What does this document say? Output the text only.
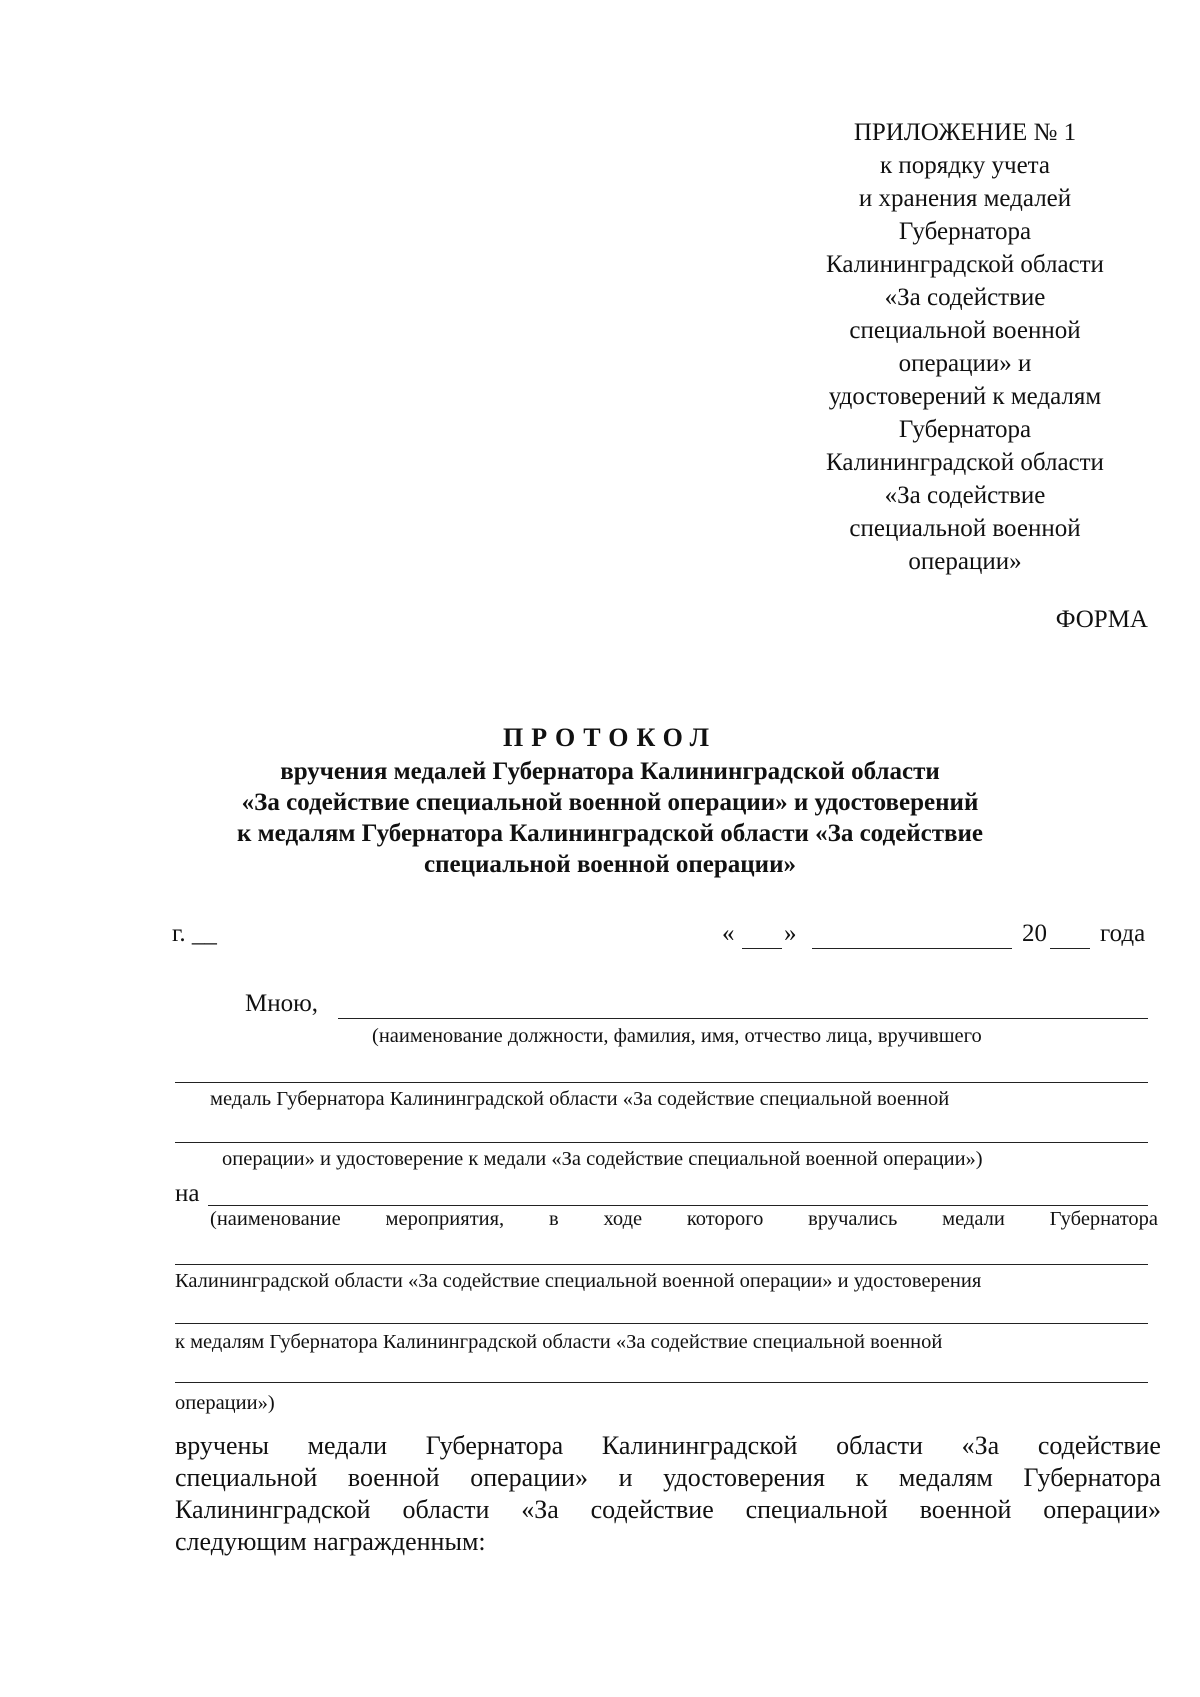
ПРИЛОЖЕНИЕ № 1
к порядку учета
и хранения медалей
Губернатора
Калининградской области
«За содействие
специальной военной
операции» и
удостоверений к медалям
Губернатора
Калининградской области
«За содействие
специальной военной
операции»
ФОРМА
ПРОТОКОЛ
вручения медалей Губернатора Калининградской области
«За содействие специальной военной операции» и удостоверений
к медалям Губернатора Калининградской области «За содействие
специальной военной операции»
г. __	« »	20 года
Мною,
(наименование должности, фамилия, имя, отчество лица, вручившего
медаль Губернатора Калининградской области «За содействие специальной военной
операции» и удостоверение к медали «За содействие специальной военной операции»)
на
(наименование мероприятия, в ходе которого вручались медали Губернатора
Калининградской области «За содействие специальной военной операции» и удостоверения
к медалям Губернатора Калининградской области «За содействие специальной военной
операции»)
вручены медали Губернатора Калининградской области «За содействие
специальной военной операции» и удостоверения к медалям Губернатора
Калининградской области «За содействие специальной военной операции»
следующим награжденным:
